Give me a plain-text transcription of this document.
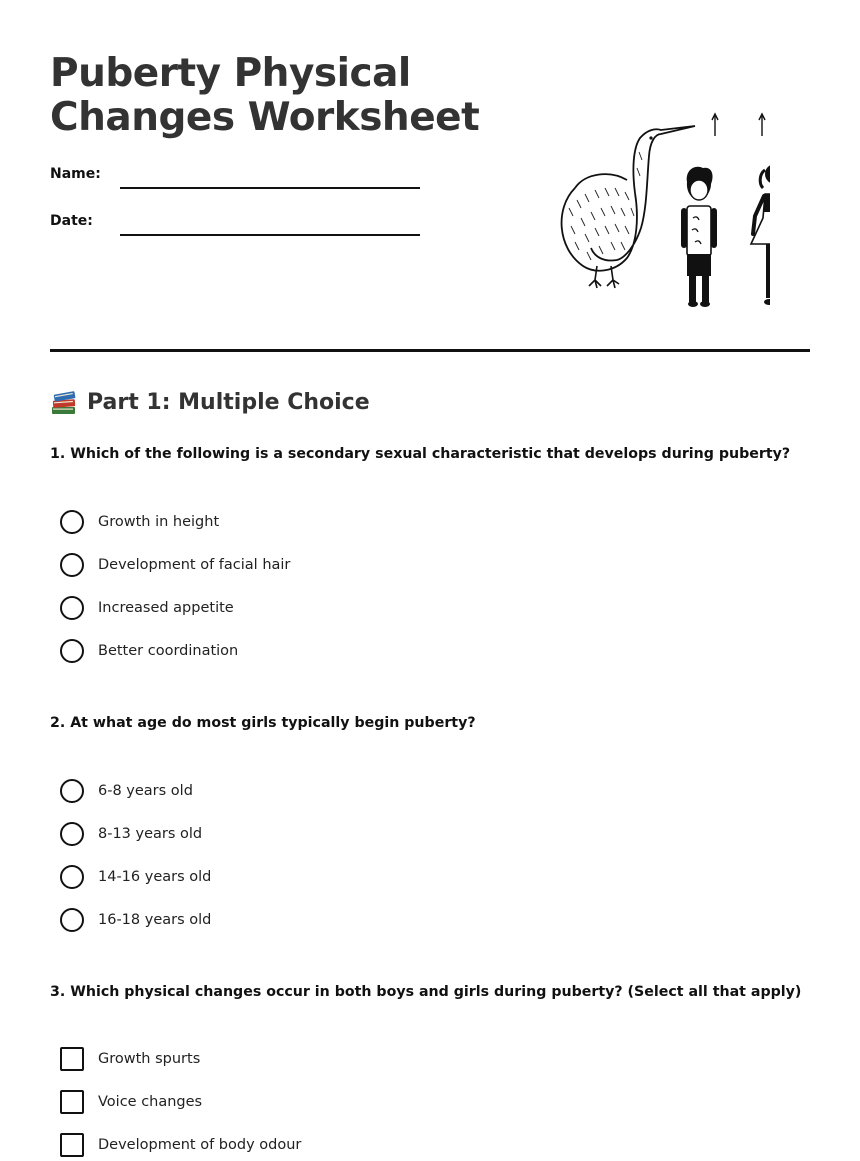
Puberty Physical
Changes Worksheet
Name:
Date:
Part 1: Multiple Choice

1. Which of the following is a secondary sexual characteristic that develops during puberty?

Growth in height
Development of facial hair
Increased appetite
Better coordination

2. At what age do most girls typically begin puberty?

6-8 years old
8-13 years old
14-16 years old
16-18 years old

3. Which physical changes occur in both boys and girls during puberty? (Select all that apply)

Growth spurts
Voice changes
Development of body odour
